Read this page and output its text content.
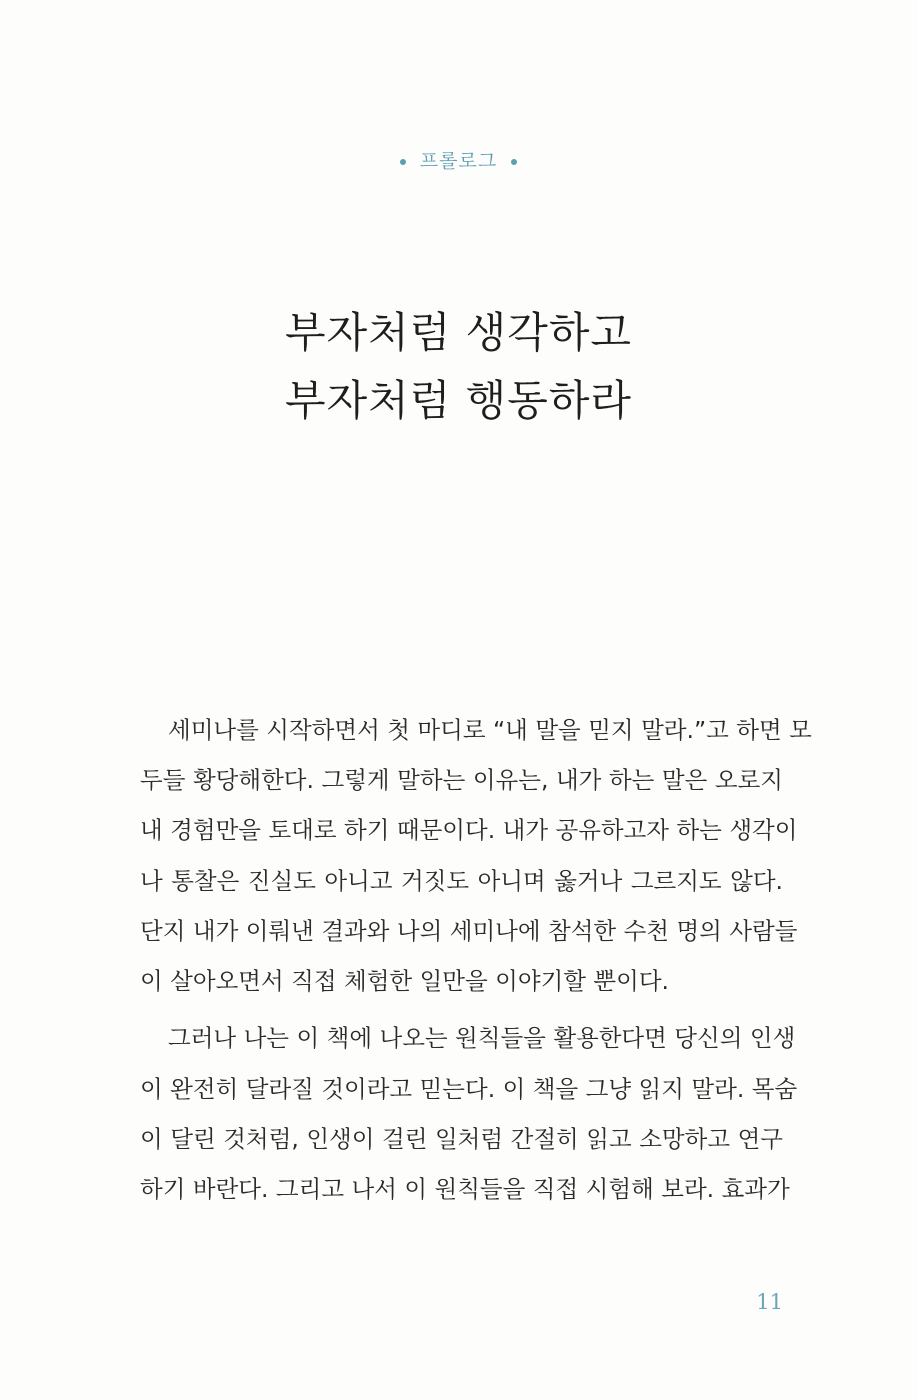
프롤로그
부자처럼 생각하고
부자처럼 행동하라
세미나를 시작하면서 첫 마디로 “내 말을 믿지 말라.”고 하면 모
두들 황당해한다. 그렇게 말하는 이유는, 내가 하는 말은 오로지
내 경험만을 토대로 하기 때문이다. 내가 공유하고자 하는 생각이
나 통찰은 진실도 아니고 거짓도 아니며 옳거나 그르지도 않다.
단지 내가 이뤄낸 결과와 나의 세미나에 참석한 수천 명의 사람들
이 살아오면서 직접 체험한 일만을 이야기할 뿐이다.
그러나 나는 이 책에 나오는 원칙들을 활용한다면 당신의 인생
이 완전히 달라질 것이라고 믿는다. 이 책을 그냥 읽지 말라. 목숨
이 달린 것처럼, 인생이 걸린 일처럼 간절히 읽고 소망하고 연구
하기 바란다. 그리고 나서 이 원칙들을 직접 시험해 보라. 효과가
11
